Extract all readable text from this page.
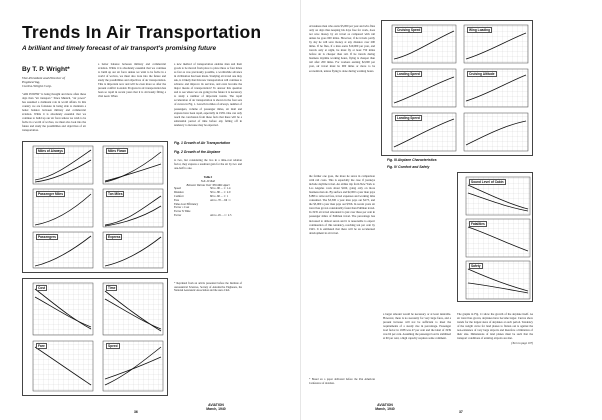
Trends In Air Transportation
A brilliant and timely forecast of air transport's promising future
By T. P. Wright*
Vice-President and Director of
Engineering,
Curtiss-Wright Corp.

"AIR POWER" is being thought and more often these days than "air transport." Since Munich, "air power" has assumed a dominant role in world affairs. In this country we are fortunate in being able to maintain a better balance between military and commercial aviation. While it is absolutely essential that we continue to build up our air force unless we wish to be facile in a world of wolves, we must also look into the future and study the possibilities and objectives of air transportation.

a better balance between military and commercial aviation. While it is absolutely essential that we continue to build up our air force unless we wish to be facile in a world of wolves, we must also look into the future and study the possibilities and objectives of air transportation. This is important now and will be even more so after the present conflict is ended. Progress in air transportation has been so rapid in recent years that it is obviously filling a vital need. When

a new method of transportation enables men and their goods to be moved from place to place three or four times as fast as was previously possible, a worthwhile advance in civilization has been made. Studying air travel one may ask, is it likely that this new transportation will continue to advance and improve its services, and even become the major means of transportation? To answer this question and to see where we are going in the future it is necessary to study a number of important trends. The rapid acceleration of air transportation is shown in the four sets of curves in Fig. 1. Growth in miles of airways, number of passengers, volume of passenger miles, air mail and express have been rapid, especially in 1939. One can only reach the conclusion from these facts that there will be a substantial period of time before any falling off in tendency to increase may be expected.

Miles of Airways	Miles Flown
Passenger Miles	Ton Miles
Passengers	Express
Fig. 1 Growth of Air Transportation
Fig. 2 Growth of the Airplane

to two, but considering the two in a time-cost relation factor, they express a resultant gain for the air by two and one-half to one.

Table I
N.K.-W. Rail
Between Various Over 300-Mile Apart
Speed	50 to .90 ... 1 : 1.4
Distance	50 to .80 ... 1 : 2.0
Comfort	60 to .60 ... 1 : 1
Fare	Air to .70 ... 66 : 1
Time-Cost Efficiency
Factor = Cost
Factor X Time
Factor	Air to .45 ... 1 : 2.5
Cost	Time
Fare	Speed
* Reprinted from an article presented before the Institute of Aeronautical Sciences, Society of Automotive Engineers, the National Aeronautic Association and the Aero Club.
AVIATION
March, 1940
36

A business man who earns $5,000 per year and who flies only on days thus keeping his days free for work, does not save money by air travel as compared with rail unless he goes 600 miles. However, if he travels partly by day he will save money at any distance over 200 miles. If he flies, if a man earns $10,000 per year, and travels only at night, he must fly at least 750 miles before air is cheaper than rail. If he travels during business daytime working hours, flying is cheaper than rail after 200 miles. For workers earning $2,000 per year, air travel must be 900 miles or more to be economical, unless flying is done during working hours.

Cruising Speed	Wing Loading
Landing Speed	Cruising Altitude
Landing Speed
Fig. III Airplane Characteristics
Fig. IV Comfort and Safety

the farther one goes, the more he saves in comparison with rail costs. This is especially the case if journeys include daytime travel. An airline trip from New York to Los Angeles costs about $160, going only on more business men do. By surface and $2,000 a year man pays $188 to rail-road fare, travel expenses and working time consumed. The $3,500 a year man pays out $273, and the $5,000 a year man pays out $356. In recent years air travel has grown considerably faster than Pullman travel. In 1935 air travel amounted to just over three per cent in passenger miles of Pullman travel. The percentage has increased to almost seven and it is reasonable to expect continuation of this tendency, reaching ten per cent by 1945. It is estimated that there will be an accelerated development in air travel.

Sound Level of Cabin
Fatalities
Safety

a larger amount would be necessary or at least desirable. However, there is no necessity for very large fares, and a present increase will not be sufficient to meet the requirements of a steady rise in percentage. Passenger load factor in 1938 was 47 per cent and the ideal of 1939 was 62 per cent. Assuming the passenger load is stabilized at 60 per cent, a high capacity requires some comment.

The graphs in Fig. 11 show the growth of the airplane itself. As air travel has grown, airplanes have become larger. Curves show trends for the largest sizes of airplanes at each period. Tendency of the weight curve for land planes to flatten out is against the non-existence of very large airports and therefore a limitation of their size. Dimensions of land planes must be such that the transport conditions of existing airports are met.

(Turn to page 107)

* Based on a paper delivered before the Pan American Conference of Aviation.
AVIATION
March, 1940
37
